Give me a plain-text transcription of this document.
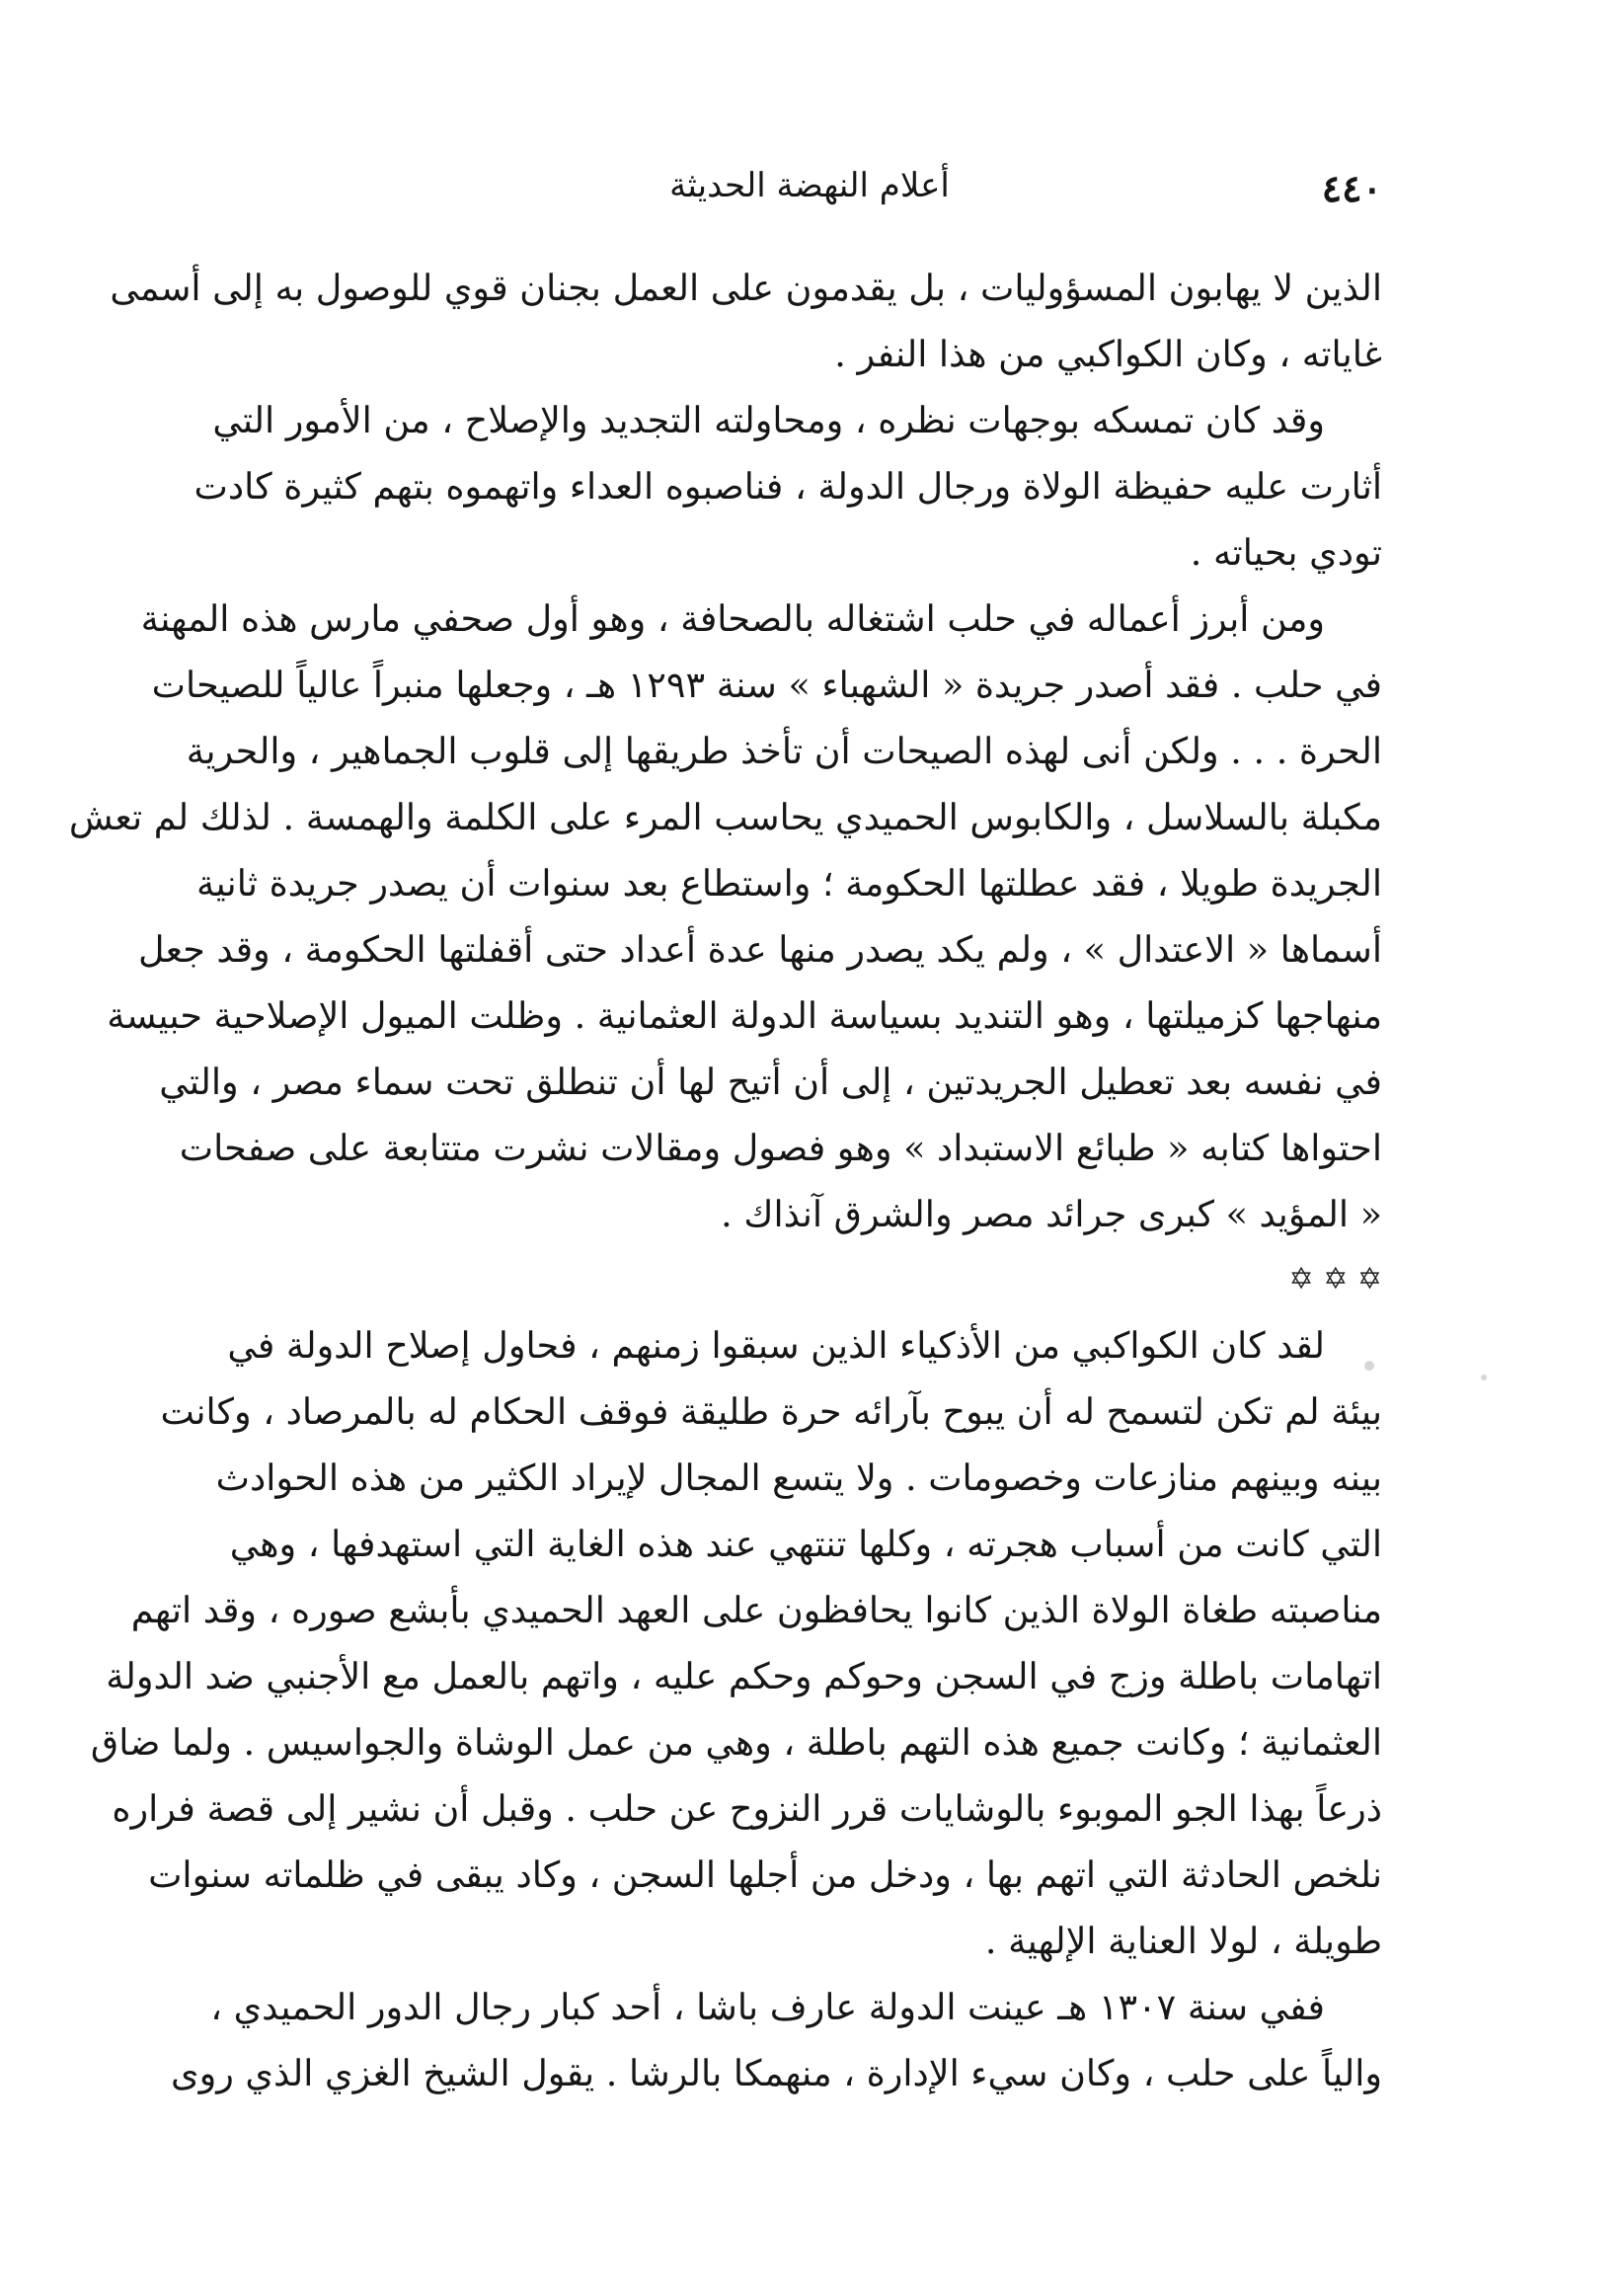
٤٤٠
أعلام النهضة الحديثة

الذين لا يهابون المسؤوليات ، بل يقدمون على العمل بجنان قوي للوصول به إلى أسمى
غاياته ، وكان الكواكبي من هذا النفر .

وقد كان تمسكه بوجهات نظره ، ومحاولته التجديد والإصلاح ، من الأمور التي
أثارت عليه حفيظة الولاة ورجال الدولة ، فناصبوه العداء واتهموه بتهم كثيرة كادت
تودي بحياته .

ومن أبرز أعماله في حلب اشتغاله بالصحافة ، وهو أول صحفي مارس هذه المهنة
في حلب . فقد أصدر جريدة « الشهباء » سنة ١٢٩٣ هـ ، وجعلها منبراً عالياً للصيحات
الحرة . . . ولكن أنى لهذه الصيحات أن تأخذ طريقها إلى قلوب الجماهير ، والحرية
مكبلة بالسلاسل ، والكابوس الحميدي يحاسب المرء على الكلمة والهمسة . لذلك لم تعش
الجريدة طويلا ، فقد عطلتها الحكومة ؛ واستطاع بعد سنوات أن يصدر جريدة ثانية
أسماها « الاعتدال » ، ولم يكد يصدر منها عدة أعداد حتى أقفلتها الحكومة ، وقد جعل
منهاجها كزميلتها ، وهو التنديد بسياسة الدولة العثمانية . وظلت الميول الإصلاحية حبيسة
في نفسه بعد تعطيل الجريدتين ، إلى أن أتيح لها أن تنطلق تحت سماء مصر ، والتي
احتواها كتابه « طبائع الاستبداد » وهو فصول ومقالات نشرت متتابعة على صفحات
« المؤيد » كبرى جرائد مصر والشرق آنذاك .

✡ ✡ ✡

لقد كان الكواكبي من الأذكياء الذين سبقوا زمنهم ، فحاول إصلاح الدولة في
بيئة لم تكن لتسمح له أن يبوح بآرائه حرة طليقة فوقف الحكام له بالمرصاد ، وكانت
بينه وبينهم منازعات وخصومات . ولا يتسع المجال لإيراد الكثير من هذه الحوادث
التي كانت من أسباب هجرته ، وكلها تنتهي عند هذه الغاية التي استهدفها ، وهي
مناصبته طغاة الولاة الذين كانوا يحافظون على العهد الحميدي بأبشع صوره ، وقد اتهم
اتهامات باطلة وزج في السجن وحوكم وحكم عليه ، واتهم بالعمل مع الأجنبي ضد الدولة
العثمانية ؛ وكانت جميع هذه التهم باطلة ، وهي من عمل الوشاة والجواسيس . ولما ضاق
ذرعاً بهذا الجو الموبوء بالوشايات قرر النزوح عن حلب . وقبل أن نشير إلى قصة فراره
نلخص الحادثة التي اتهم بها ، ودخل من أجلها السجن ، وكاد يبقى في ظلماته سنوات
طويلة ، لولا العناية الإلهية .

ففي سنة ١٣٠٧ هـ عينت الدولة عارف باشا ، أحد كبار رجال الدور الحميدي ،
والياً على حلب ، وكان سيء الإدارة ، منهمكا بالرشا . يقول الشيخ الغزي الذي روى
